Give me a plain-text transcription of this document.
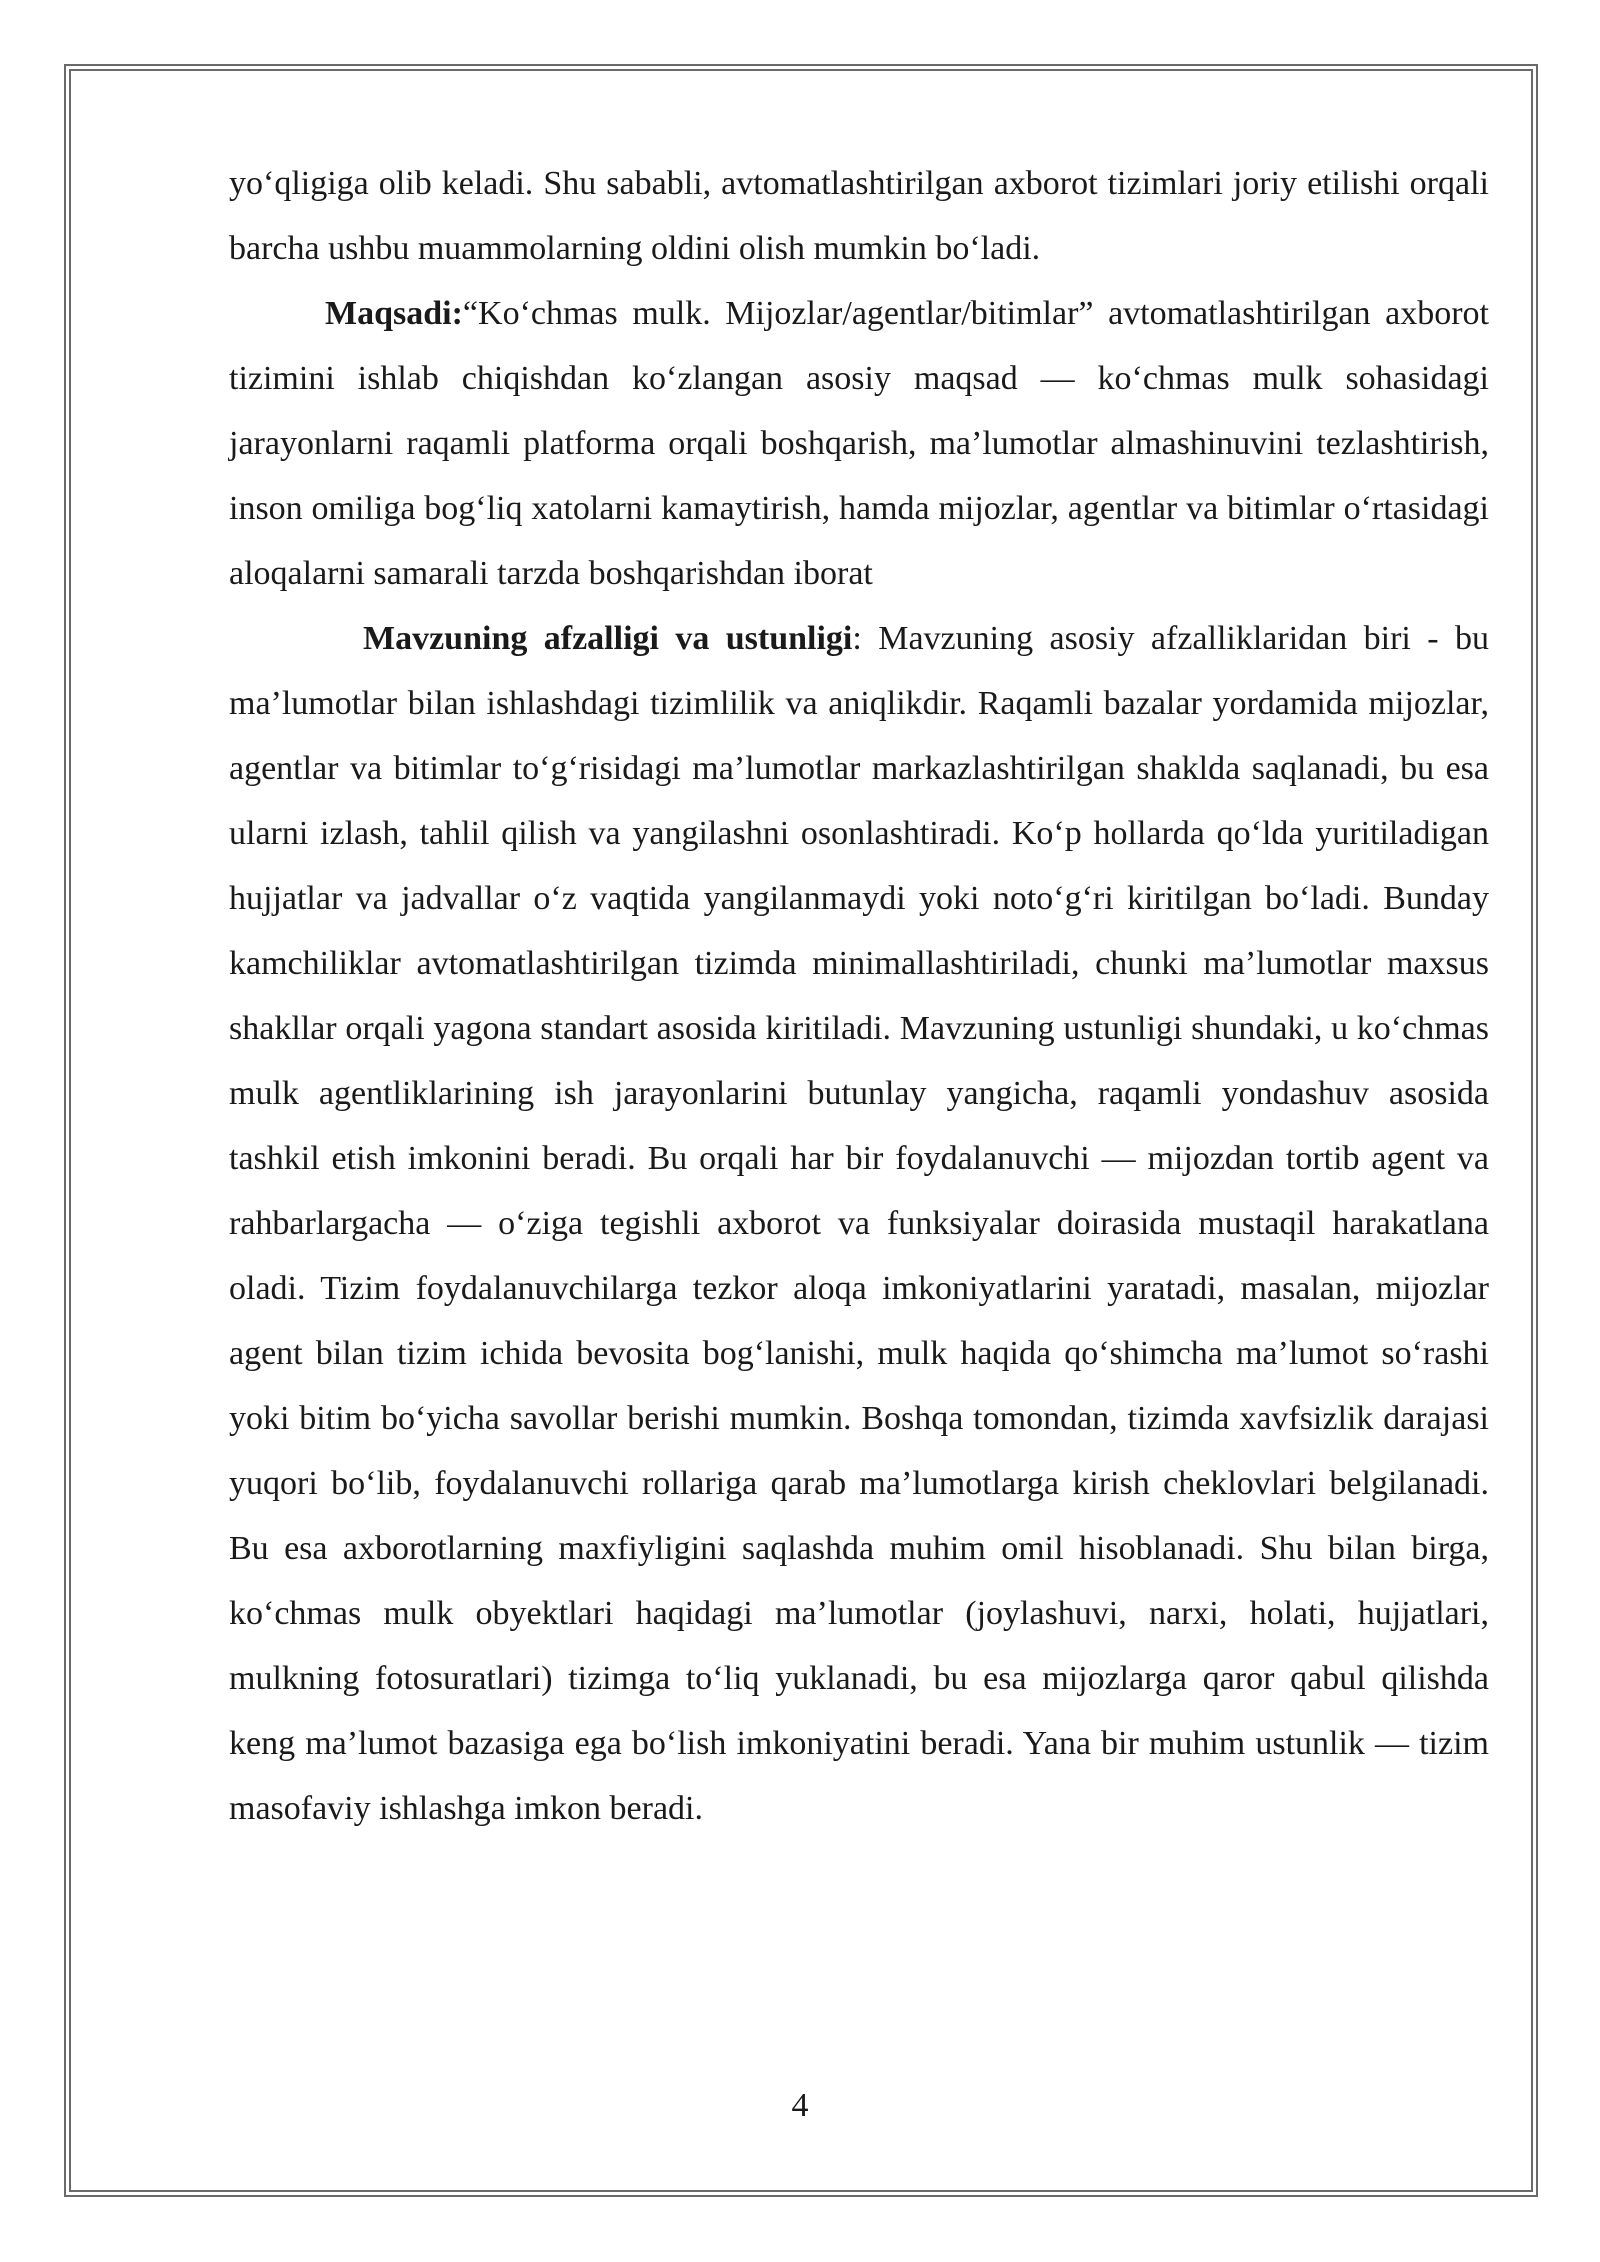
yo‘qligiga olib keladi. Shu sababli, avtomatlashtirilgan axborot tizimlari joriy etilishi orqali barcha ushbu muammolarning oldini olish mumkin bo‘ladi.

Maqsadi:“Ko‘chmas mulk. Mijozlar/agentlar/bitimlar” avtomatlashtirilgan axborot tizimini ishlab chiqishdan ko‘zlangan asosiy maqsad — ko‘chmas mulk sohasidagi jarayonlarni raqamli platforma orqali boshqarish, ma’lumotlar almashinuvini tezlashtirish, inson omiliga bog‘liq xatolarni kamaytirish, hamda mijozlar, agentlar va bitimlar o‘rtasidagi aloqalarni samarali tarzda boshqarishdan iborat

Mavzuning afzalligi va ustunligi: Mavzuning asosiy afzalliklaridan biri - bu ma’lumotlar bilan ishlashdagi tizimlilik va aniqlikdir. Raqamli bazalar yordamida mijozlar, agentlar va bitimlar to‘g‘risidagi ma’lumotlar markazlashtirilgan shaklda saqlanadi, bu esa ularni izlash, tahlil qilish va yangilashni osonlashtiradi. Ko‘p hollarda qo‘lda yuritiladigan hujjatlar va jadvallar o‘z vaqtida yangilanmaydi yoki noto‘g‘ri kiritilgan bo‘ladi. Bunday kamchiliklar avtomatlashtirilgan tizimda minimallashtiriladi, chunki ma’lumotlar maxsus shakllar orqali yagona standart asosida kiritiladi. Mavzuning ustunligi shundaki, u ko‘chmas mulk agentliklarining ish jarayonlarini butunlay yangicha, raqamli yondashuv asosida tashkil etish imkonini beradi. Bu orqali har bir foydalanuvchi — mijozdan tortib agent va rahbarlargacha — o‘ziga tegishli axborot va funksiyalar doirasida mustaqil harakatlana oladi. Tizim foydalanuvchilarga tezkor aloqa imkoniyatlarini yaratadi, masalan, mijozlar agent bilan tizim ichida bevosita bog‘lanishi, mulk haqida qo‘shimcha ma’lumot so‘rashi yoki bitim bo‘yicha savollar berishi mumkin. Boshqa tomondan, tizimda xavfsizlik darajasi yuqori bo‘lib, foydalanuvchi rollariga qarab ma’lumotlarga kirish cheklovlari belgilanadi. Bu esa axborotlarning maxfiyligini saqlashda muhim omil hisoblanadi. Shu bilan birga, ko‘chmas mulk obyektlari haqidagi ma’lumotlar (joylashuvi, narxi, holati, hujjatlari, mulkning fotosuratlari) tizimga to‘liq yuklanadi, bu esa mijozlarga qaror qabul qilishda keng ma’lumot bazasiga ega bo‘lish imkoniyatini beradi. Yana bir muhim ustunlik — tizim masofaviy ishlashga imkon beradi.

4
